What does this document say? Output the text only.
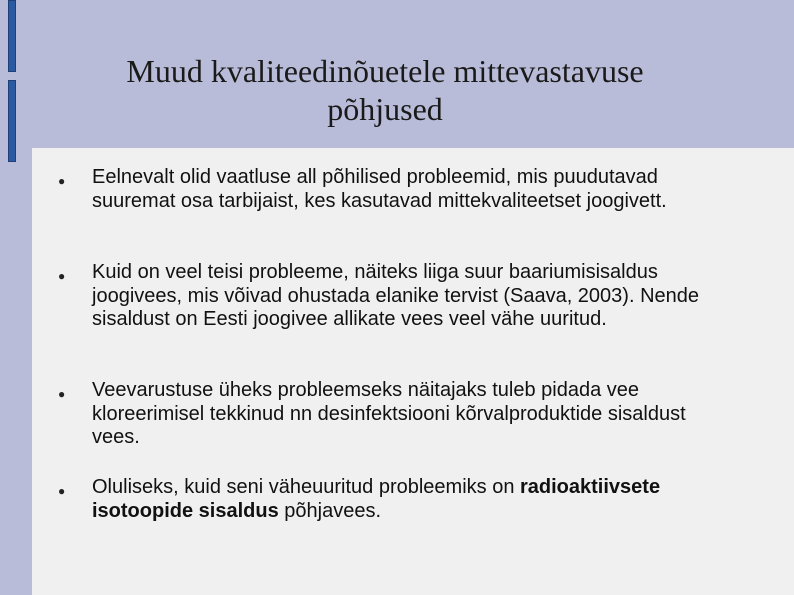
Muud kvaliteedinõuetele mittevastavuse
põhjused
● Eelnevalt olid vaatluse all põhilised probleemid, mis puudutavad suuremat osa tarbijaist, kes kasutavad mittekvaliteetset joogivett.
● Kuid on veel teisi probleeme, näiteks liiga suur baariumisisaldus joogivees, mis võivad ohustada elanike tervist (Saava, 2003). Nende sisaldust on Eesti joogivee allikate vees veel vähe uuritud.
● Veevarustuse üheks probleemseks näitajaks tuleb pidada vee kloreerimisel tekkinud nn desinfektsiooni kõrvalproduktide sisaldust vees.
● Oluliseks, kuid seni väheuuritud probleemiks on radioaktiivsete isotoopide sisaldus põhjavees.
